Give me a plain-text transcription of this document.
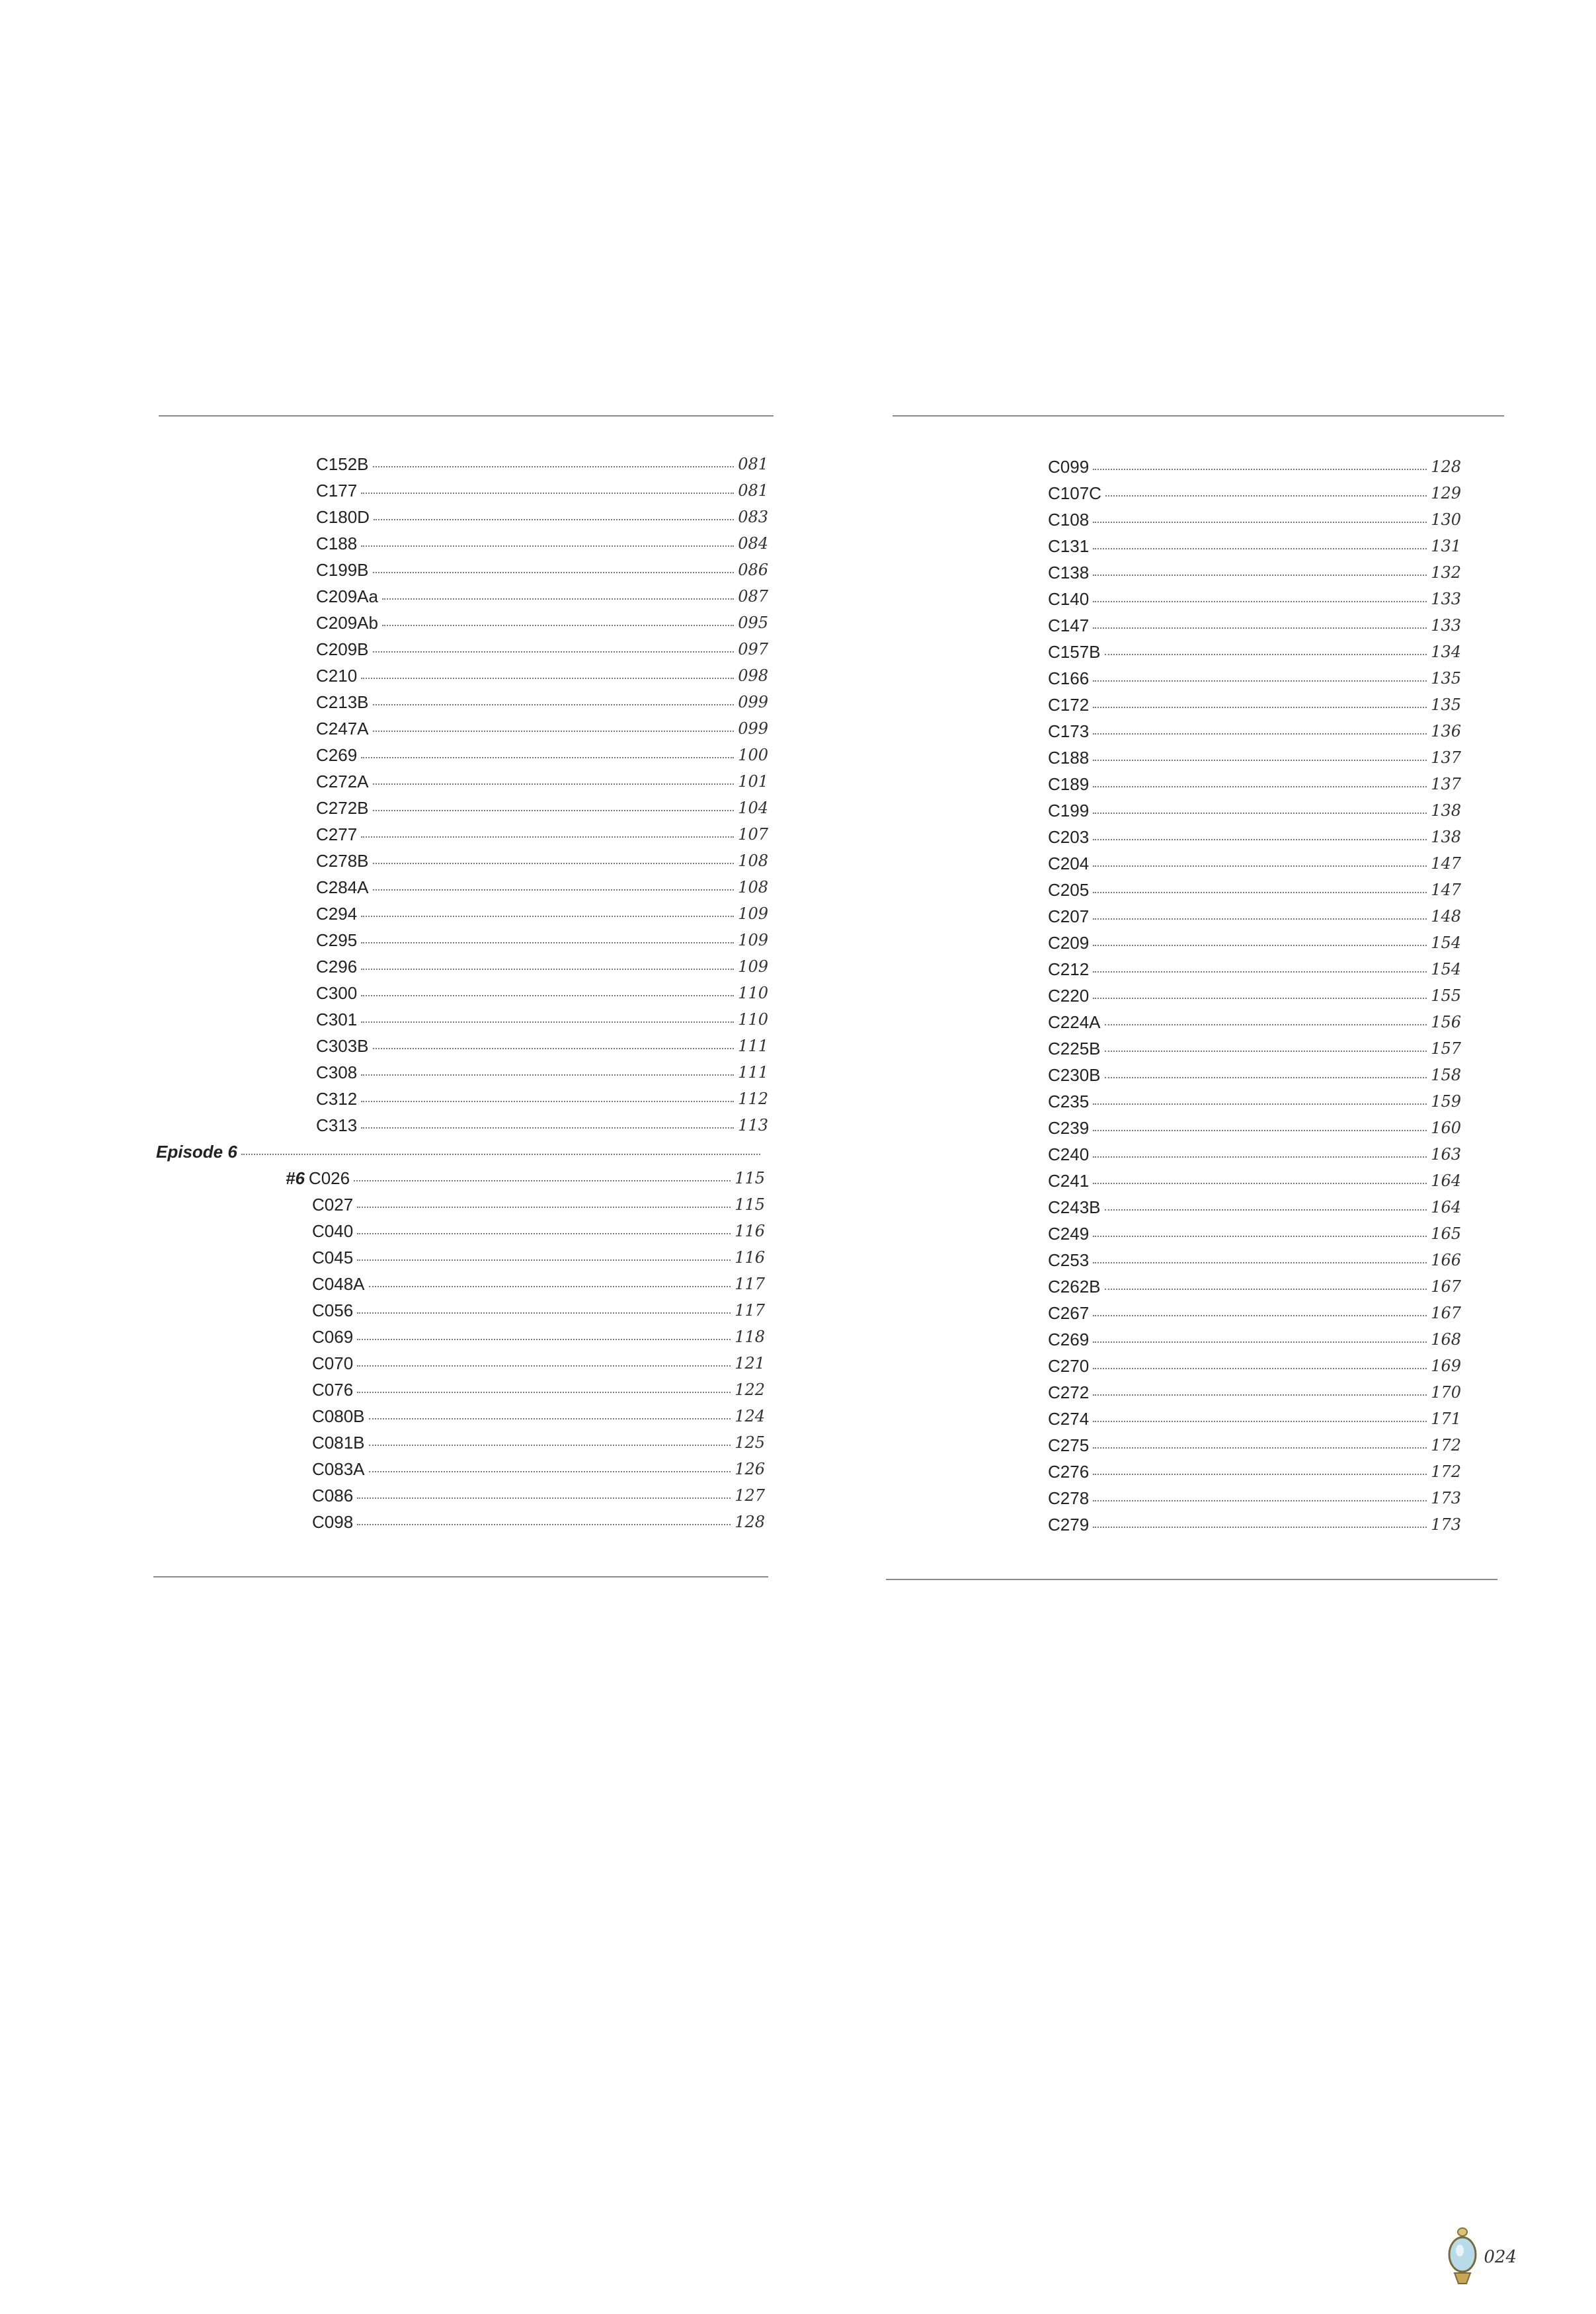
C152B	081
C177	081
C180D	083
C188	084
C199B	086
C209Aa	087
C209Ab	095
C209B	097
C210	098
C213B	099
C247A	099
C269	100
C272A	101
C272B	104
C277	107
C278B	108
C284A	108
C294	109
C295	109
C296	109
C300	110
C301	110
C303B	111
C308	111
C312	112
C313	113
Episode 6
#6 C026	115
C027	115
C040	116
C045	116
C048A	117
C056	117
C069	118
C070	121
C076	122
C080B	124
C081B	125
C083A	126
C086	127
C098	128
C099	128
C107C	129
C108	130
C131	131
C138	132
C140	133
C147	133
C157B	134
C166	135
C172	135
C173	136
C188	137
C189	137
C199	138
C203	138
C204	147
C205	147
C207	148
C209	154
C212	154
C220	155
C224A	156
C225B	157
C230B	158
C235	159
C239	160
C240	163
C241	164
C243B	164
C249	165
C253	166
C262B	167
C267	167
C269	168
C270	169
C272	170
C274	171
C275	172
C276	172
C278	173
C279	173
024
